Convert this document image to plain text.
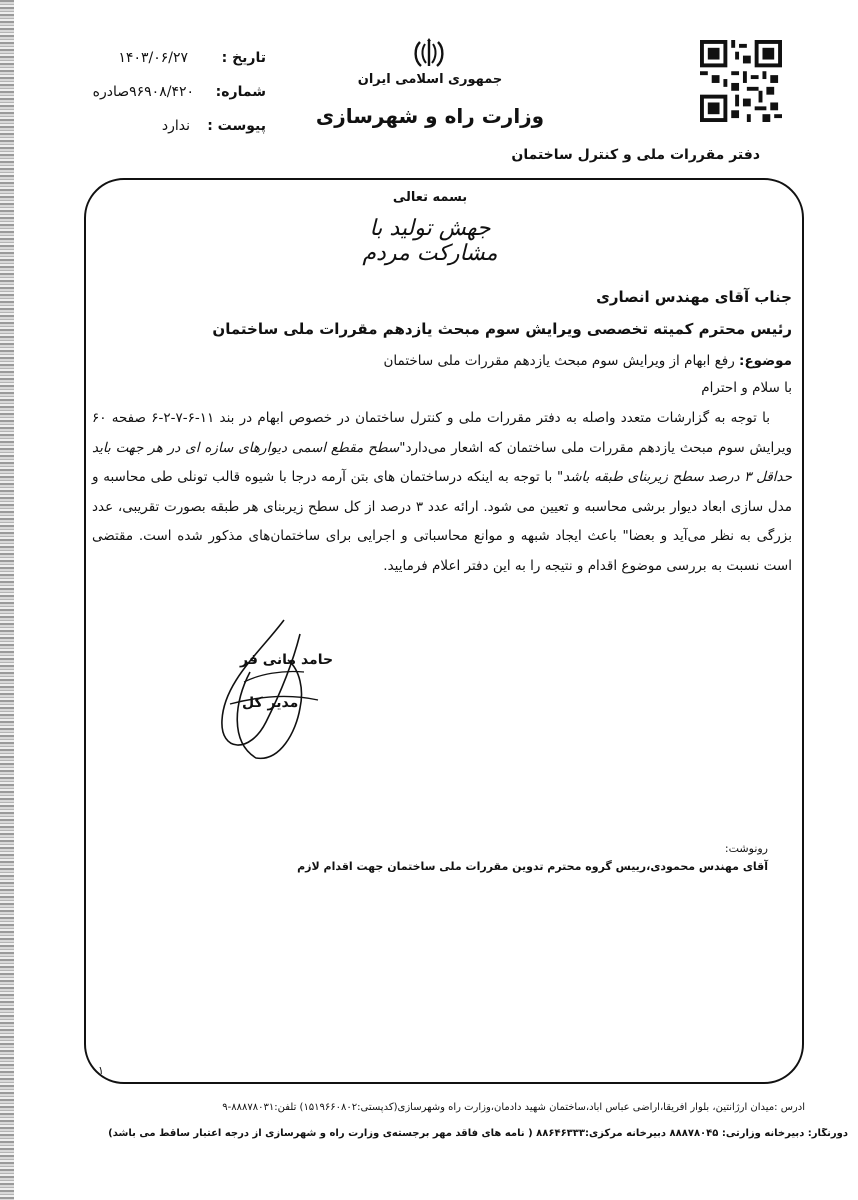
جمهوری اسلامی ایران
وزارت راه و شهرسازی
دفتر مقررات ملی و کنترل ساختمان
تاریخ :
۱۴۰۳/۰۶/۲۷
شماره:
۹۶۹۰۸/۴۲۰صادره
پیوست :
ندارد
بسمه تعالی
جهش تولید با مشارکت مردم
جناب آقای مهندس انصاری
رئیس محترم کمیته تخصصی ویرایش سوم مبحث یازدهم مقررات ملی ساختمان
موضوع: رفع ابهام از ویرایش سوم مبحث یازدهم مقررات ملی ساختمان
با سلام و احترام
با توجه به گزارشات متعدد واصله به دفتر مقررات ملی و کنترل ساختمان در خصوص ابهام در بند ۱۱-۶-۷-۲-۶ صفحه ۶۰ ویرایش سوم مبحث یازدهم مقررات ملی ساختمان که اشعار می‌دارد"سطح مقطع اسمی دیوارهای سازه ای در هر جهت باید حداقل ۳ درصد سطح زیربنای طبقه باشد" با توجه به اینکه درساختمان های بتن آرمه درجا با شیوه قالب تونلی طی محاسبه و مدل سازی ابعاد دیوار برشی محاسبه و تعیین می شود. ارائه عدد ۳ درصد از کل سطح زیربنای هر طبقه بصورت تقریبی، عدد بزرگی به نظر می‌آید و بعضا" باعث ایجاد شبهه و موانع محاسباتی و اجرایی برای ساختمان‌های مذکور شده است. مقتضی است نسبت به بررسی موضوع اقدام و نتیجه را به این دفتر اعلام فرمایید.
حامد مانی فر
مدیر کل
رونوشت:
آقای مهندس محمودی،رییس گروه محترم تدوین مقررات ملی ساختمان جهت اقدام لازم
۱
آدرس :میدان آرژانتین، بلوار آفریقا،اراضی عباس آباد،ساختمان شهید دادمان،وزارت راه وشهرسازی(کدپستی:۱۵۱۹۶۶۰۸۰۲) تلفن:۸۸۸۷۸۰۳۱-۹
دورنگار: دبیرخانه وزارتی: ۸۸۸۷۸۰۴۵ دبیرخانه مرکزی:۸۸۶۴۶۳۳۳ ( نامه های فاقد مهر برجسته‌ی وزارت راه و شهرسازی از درجه اعتبار ساقط می باشد)
